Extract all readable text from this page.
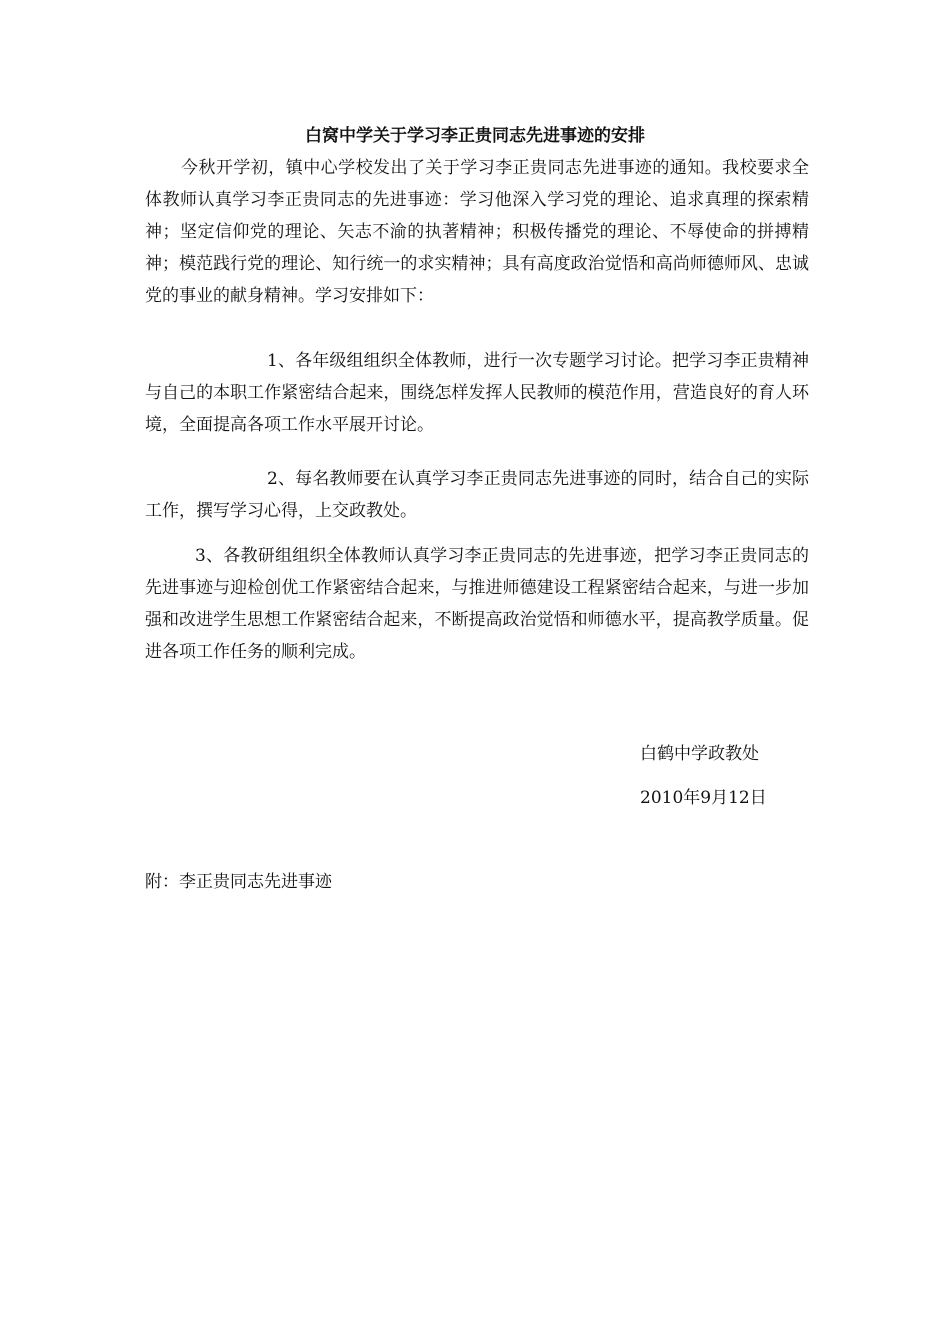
白窝中学关于学习李正贵同志先进事迹的安排

今秋开学初，镇中心学校发出了关于学习李正贵同志先进事迹的通知。我校要求全体教师认真学习李正贵同志的先进事迹：学习他深入学习党的理论、追求真理的探索精神；坚定信仰党的理论、矢志不渝的执著精神；积极传播党的理论、不辱使命的拼搏精神；模范践行党的理论、知行统一的求实精神；具有高度政治觉悟和高尚师德师风、忠诚党的事业的献身精神。学习安排如下：

1、各年级组组织全体教师，进行一次专题学习讨论。把学习李正贵精神与自己的本职工作紧密结合起来，围绕怎样发挥人民教师的模范作用，营造良好的育人环境，全面提高各项工作水平展开讨论。

2、每名教师要在认真学习李正贵同志先进事迹的同时，结合自己的实际工作，撰写学习心得，上交政教处。

3、各教研组组织全体教师认真学习李正贵同志的先进事迹，把学习李正贵同志的先进事迹与迎检创优工作紧密结合起来，与推进师德建设工程紧密结合起来，与进一步加强和改进学生思想工作紧密结合起来，不断提高政治觉悟和师德水平，提高教学质量。促进各项工作任务的顺利完成。

白鹤中学政教处

2010年9月12日

附：李正贵同志先进事迹
